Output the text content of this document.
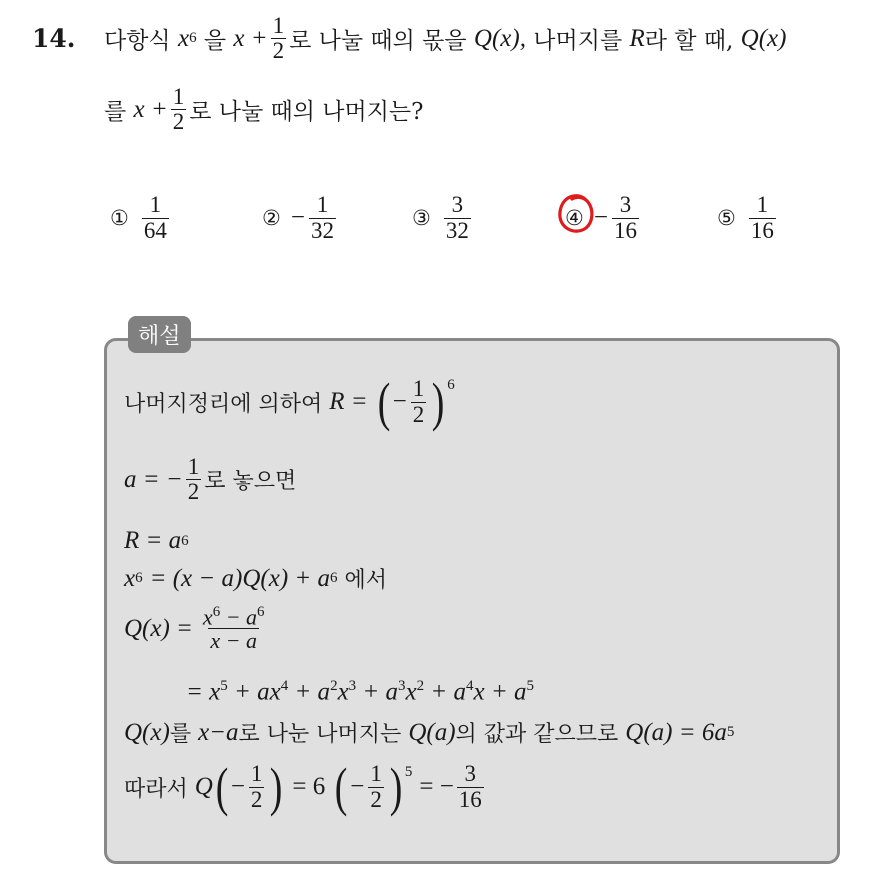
14. 다항식
x 6
을
$x + \frac{1}{2}$ 로 나눌 때의 몫을
Q(x),
나머지를
R 라 할 때,
Q(x)
를
$x + \frac{1}{2}$ 로 나눌 때의 나머지는?
① $\frac{1}{64}$	② − $\frac{1}{32}$	③ $\frac{3}{32}$	④ − $\frac{3}{16}$	⑤ $\frac{1}{16}$
해설
나머지정리에 의하여
R =
( − $\frac{1}{2}$ ) 6
a = − $\frac{1}{2}$ 로 놓으면
R = a 6
x 6
= (x − a)Q(x) + a 6
에서
$Q(x) = \frac{x^6 - a^6}{x - a}$
= $x^5 + ax^4 + a^2x^3 + a^3x^2 + a^4x + a^5$
Q(x) 를
x−a 로 나눈 나머지는
Q(a) 의 값과 같으므로
Q(a) = 6a 5
따라서
Q ( − $\frac{1}{2}$ )
= 6
( − $\frac{1}{2}$ ) 5

= − $\frac{3}{16}$
